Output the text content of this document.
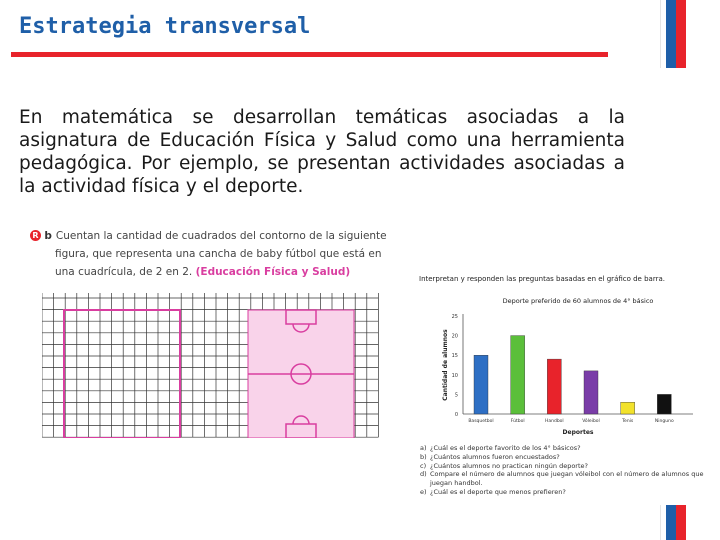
Estrategia transversal
En matemática se desarrollan temáticas asociadas a la asignatura de Educación Física y Salud como una herramienta pedagógica. Por ejemplo, se presentan actividades asociadas a la actividad física y el deporte.
R b Cuentan la cantidad de cuadrados del contorno de la siguiente
figura, que representa una cancha de baby fútbol que está en
una cuadrícula, de 2 en 2. (Educación Física y Salud)
Interpretan y responden las preguntas basadas en el gráfico de barra.
Deporte preferido de 60 alumnos de 4° básico
0
5
10
15
20
25
Cantidad de alumnos
Basquetbol	Fútbol	Handbol	Vóleibol	Tenis	Ninguno
Deportes
a) ¿Cuál es el deporte favorito de los 4° básicos?
b) ¿Cuántos alumnos fueron encuestados?
c) ¿Cuántos alumnos no practican ningún deporte?
d) Compare el número de alumnos que juegan vóleibol con el número de alumnos que
juegan handbol.
e) ¿Cuál es el deporte que menos prefieren?
